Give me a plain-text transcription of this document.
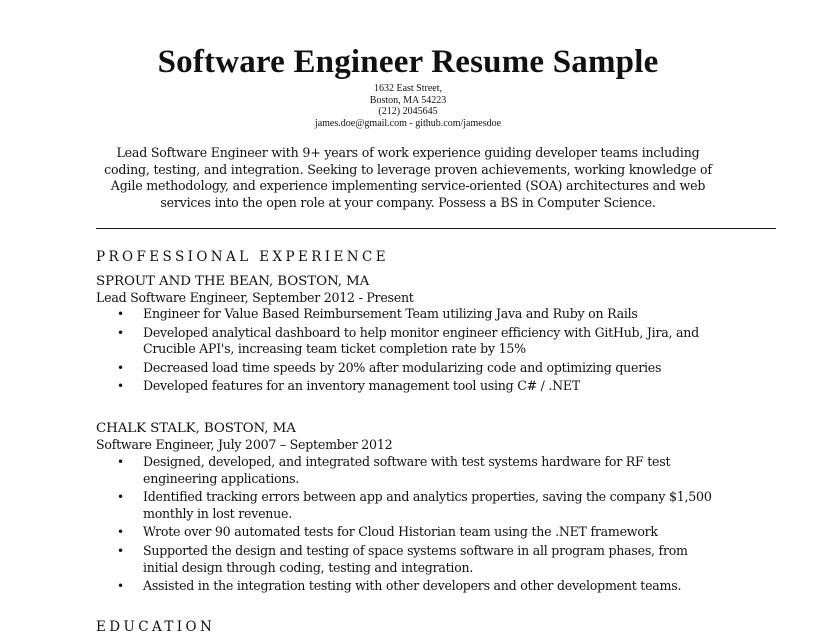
Software Engineer Resume Sample
1632 East Street,
Boston, MA 54223
(212) 2045645
james.doe@gmail.com - github.com/jamesdoe
Lead Software Engineer with 9+ years of work experience guiding developer teams including coding, testing, and integration. Seeking to leverage proven achievements, working knowledge of Agile methodology, and experience implementing service-oriented (SOA) architectures and web services into the open role at your company. Possess a BS in Computer Science.
PROFESSIONAL EXPERIENCE
SPROUT AND THE BEAN, BOSTON, MA
Lead Software Engineer, September 2012 - Present
• Engineer for Value Based Reimbursement Team utilizing Java and Ruby on Rails
• Developed analytical dashboard to help monitor engineer efficiency with GitHub, Jira, and Crucible API's, increasing team ticket completion rate by 15%
• Decreased load time speeds by 20% after modularizing code and optimizing queries
• Developed features for an inventory management tool using C# / .NET
CHALK STALK, BOSTON, MA
Software Engineer, July 2007 – September 2012
• Designed, developed, and integrated software with test systems hardware for RF test engineering applications.
• Identified tracking errors between app and analytics properties, saving the company $1,500 monthly in lost revenue.
• Wrote over 90 automated tests for Cloud Historian team using the .NET framework
• Supported the design and testing of space systems software in all program phases, from initial design through coding, testing and integration.
• Assisted in the integration testing with other developers and other development teams.
EDUCATION
